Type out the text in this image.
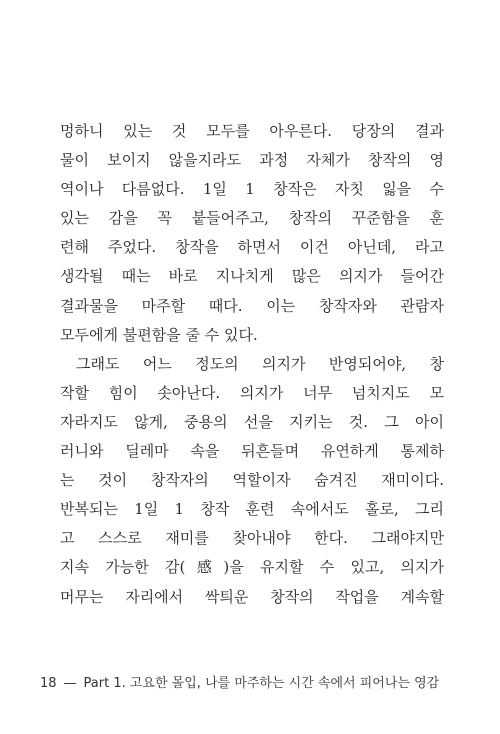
멍하니 있는 것 모두를 아우른다. 당장의 결과
물이 보이지 않을지라도 과정 자체가 창작의 영
역이나 다름없다. 1일 1 창작은 자칫 잃을 수
있는 감을 꼭 붙들어주고, 창작의 꾸준함을 훈
련해 주었다. 창작을 하면서 이건 아닌데, 라고
생각될 때는 바로 지나치게 많은 의지가 들어간
결과물을 마주할 때다. 이는 창작자와 관람자
모두에게 불편함을 줄 수 있다.
그래도 어느 정도의 의지가 반영되어야, 창
작할 힘이 솟아난다. 의지가 너무 넘치지도 모
자라지도 않게, 중용의 선을 지키는 것. 그 아이
러니와 딜레마 속을 뒤흔들며 유연하게 통제하
는 것이 창작자의 역할이자 숨겨진 재미이다.
반복되는 1일 1 창작 훈련 속에서도 홀로, 그리
고 스스로 재미를 찾아내야 한다. 그래야지만
지속 가능한 감(感)을 유지할 수 있고, 의지가
머무는 자리에서 싹틔운 창작의 작업을 계속할
18 — Part 1. 고요한 몰입, 나를 마주하는 시간 속에서 피어나는 영감
